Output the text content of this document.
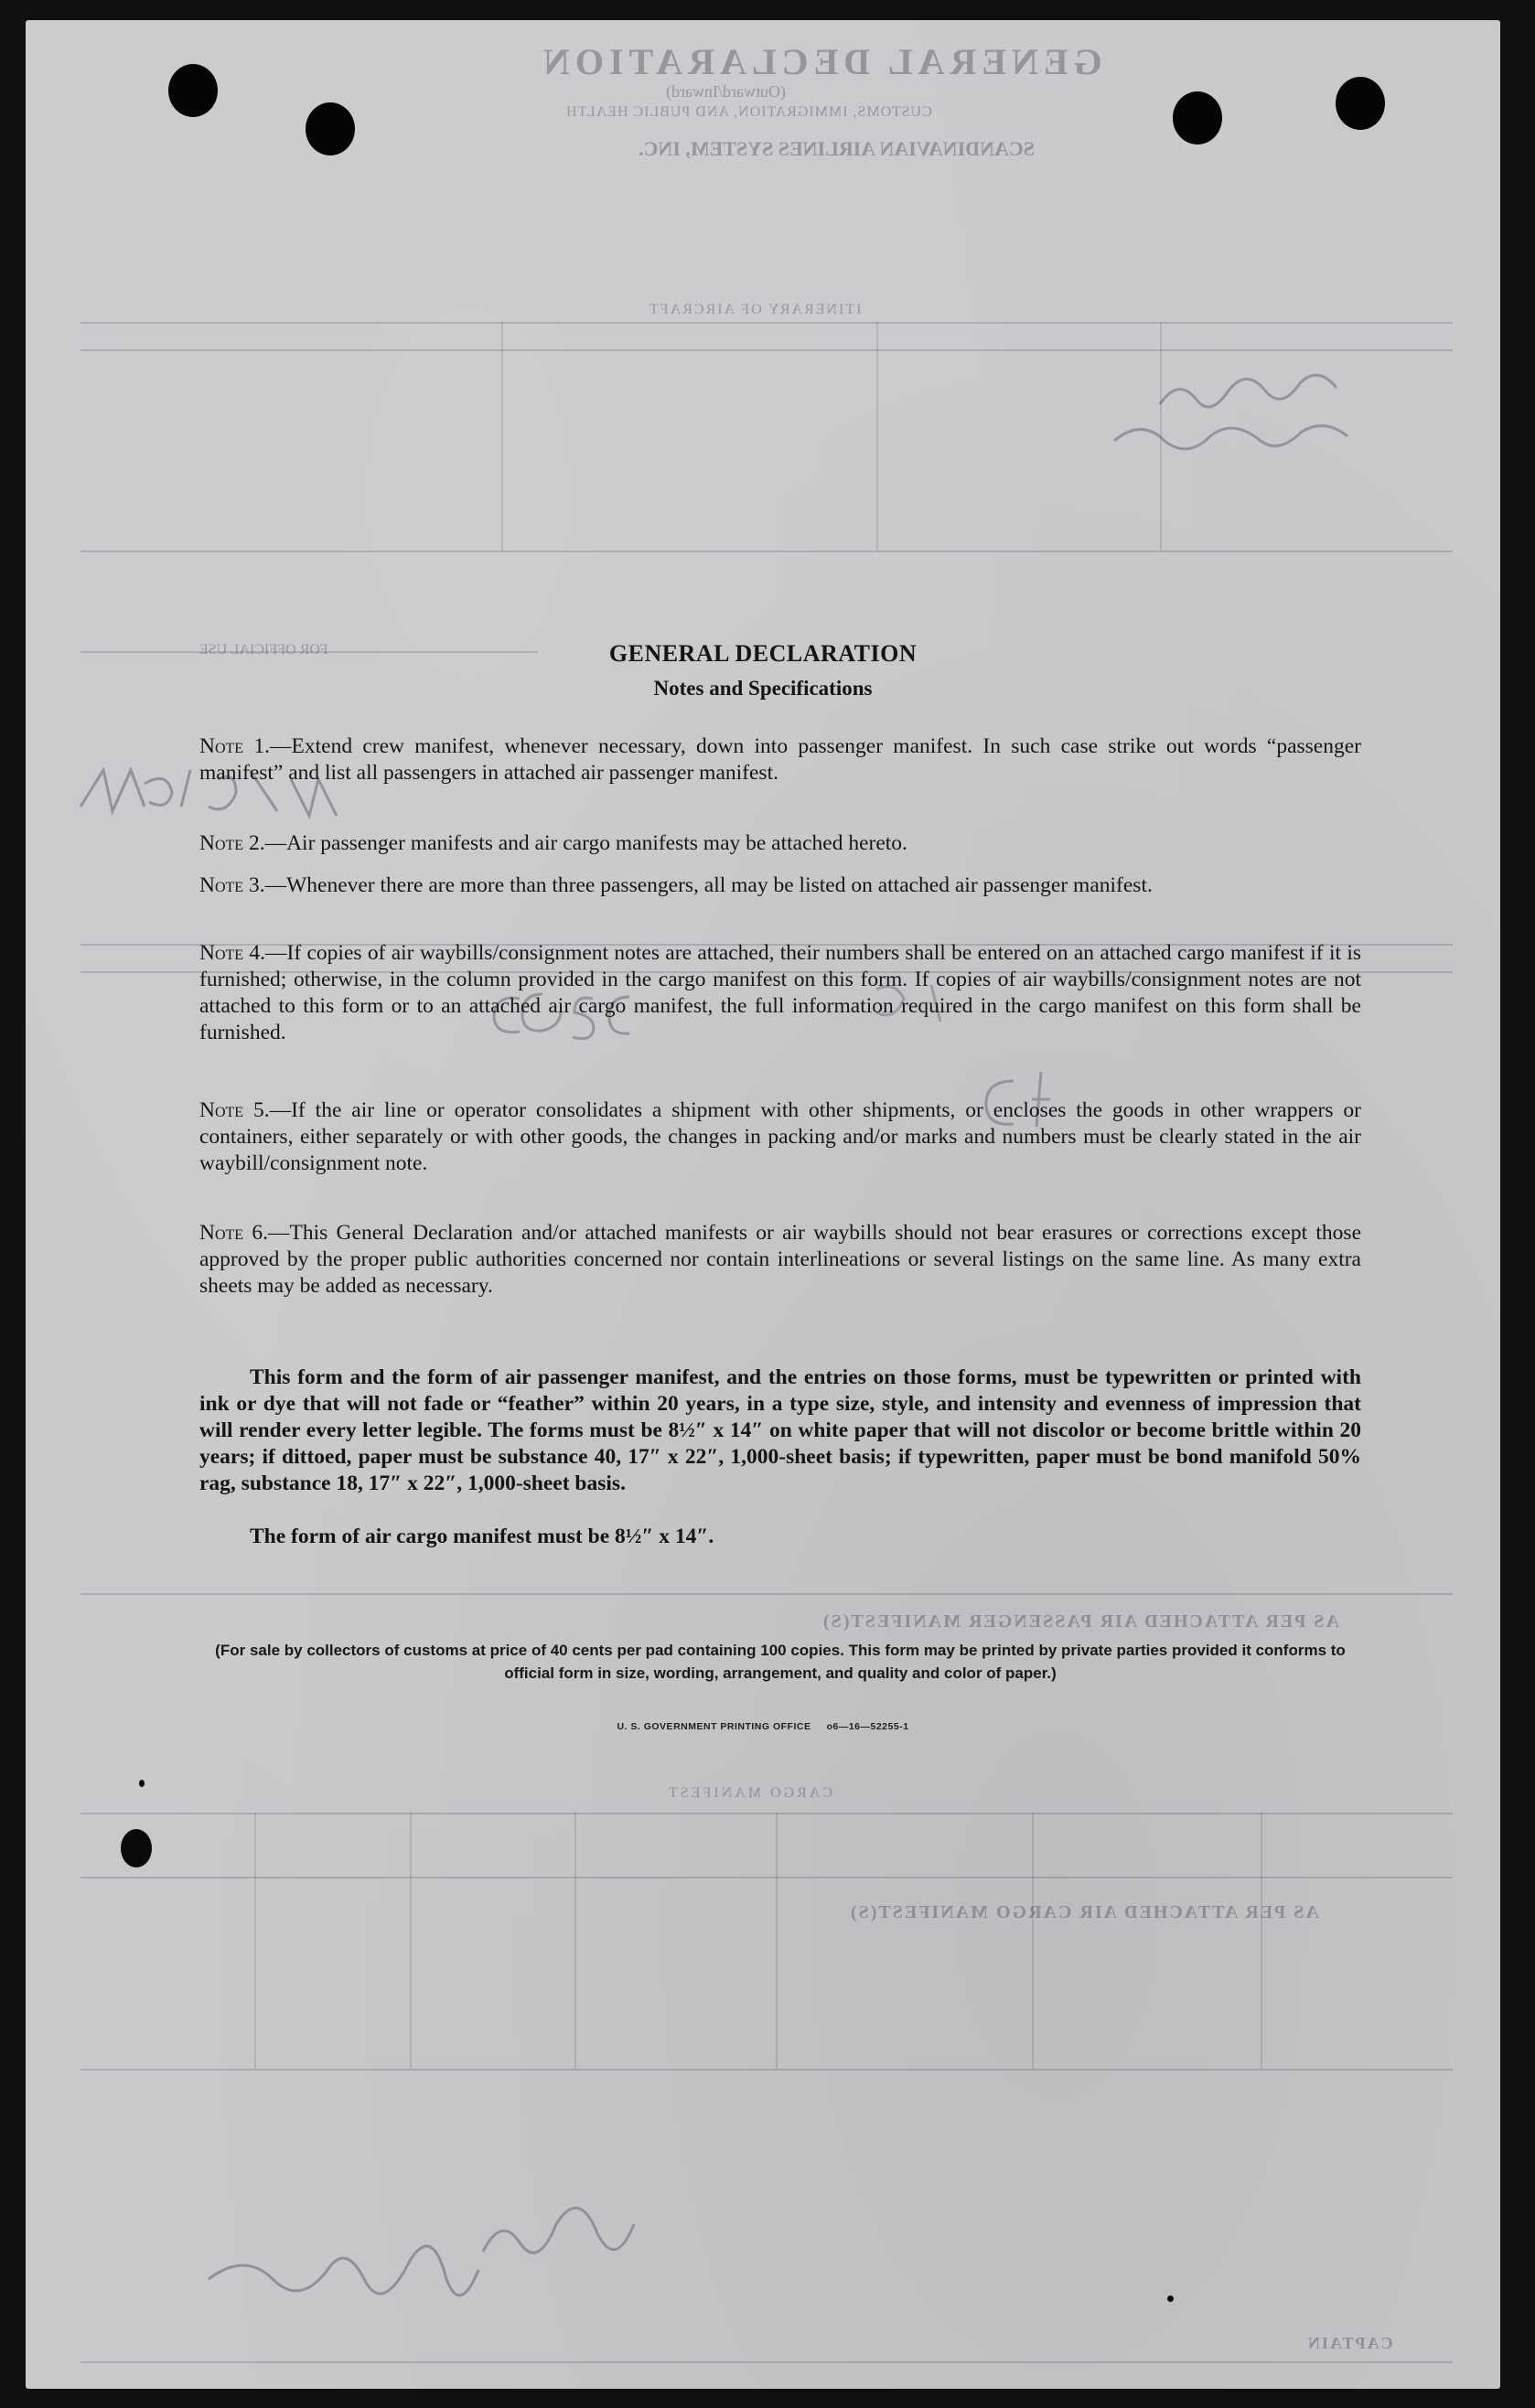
GENERAL DECLARATION
(Outward/Inward)
CUSTOMS, IMMIGRATION, AND PUBLIC HEALTH
SCANDINAVIAN AIRLINES SYSTEM, INC.
ITINERARY OF AIRCRAFT
FOR OFFICIAL USE
AS PER ATTACHED AIR PASSENGER MANIFEST(S)
CARGO MANIFEST
AS PER ATTACHED AIR CARGO MANIFEST(S)
CAPTAIN
GENERAL DECLARATION
Notes and Specifications
Note 1.—Extend crew manifest, whenever necessary, down into passenger manifest. In such case strike out words “passenger manifest” and list all passengers in attached air passenger manifest.
Note 2.—Air passenger manifests and air cargo manifests may be attached hereto.
Note 3.—Whenever there are more than three passengers, all may be listed on attached air passenger manifest.
Note 4.—If copies of air waybills/consignment notes are attached, their numbers shall be entered on an attached cargo manifest if it is furnished; otherwise, in the column provided in the cargo manifest on this form. If copies of air waybills/consignment notes are not attached to this form or to an attached air cargo manifest, the full information required in the cargo manifest on this form shall be furnished.
Note 5.—If the air line or operator consolidates a shipment with other shipments, or encloses the goods in other wrappers or containers, either separately or with other goods, the changes in packing and/or marks and numbers must be clearly stated in the air waybill/consignment note.
Note 6.—This General Declaration and/or attached manifests or air waybills should not bear erasures or corrections except those approved by the proper public authorities concerned nor contain interlineations or several listings on the same line. As many extra sheets may be added as necessary.
This form and the form of air passenger manifest, and the entries on those forms, must be typewritten or printed with ink or dye that will not fade or “feather” within 20 years, in a type size, style, and intensity and evenness of impression that will render every letter legible. The forms must be 8½″ x 14″ on white paper that will not discolor or become brittle within 20 years; if dittoed, paper must be substance 40, 17″ x 22″, 1,000-sheet basis; if typewritten, paper must be bond manifold 50% rag, substance 18, 17″ x 22″, 1,000-sheet basis.
The form of air cargo manifest must be 8½″ x 14″.
(For sale by collectors of customs at price of 40 cents per pad containing 100 copies. This form may be printed by private parties provided it conforms to official form in size, wording, arrangement, and quality and color of paper.)
U. S. GOVERNMENT PRINTING OFFICE     o6—16—52255-1
